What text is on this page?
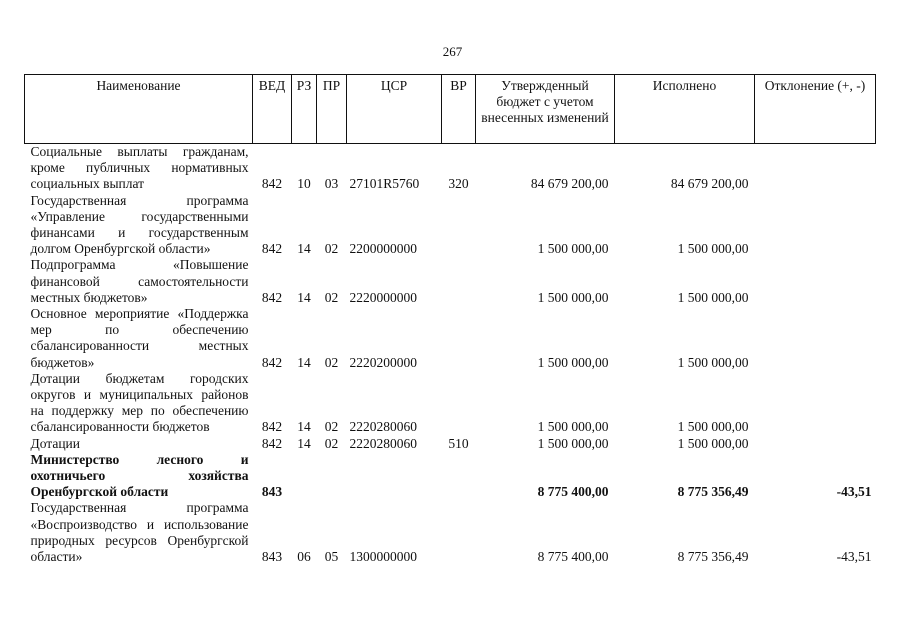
267
Наименование	ВЕД	РЗ	ПР	ЦСР	ВР	Утвержденный бюджет с учетом внесенных изменений	Исполнено	Отклонение (+, -)
Социальные выплаты гражданам, кроме публичных нормативных социальных выплат	842	10	03	27101R5760	320	84 679 200,00	84 679 200,00	
Государственная программа «Управление государственными финансами и государственным долгом Оренбургской области»	842	14	02	2200000000		1 500 000,00	1 500 000,00	
Подпрограмма «Повышение финансовой самостоятельности местных бюджетов»	842	14	02	2220000000		1 500 000,00	1 500 000,00	
Основное мероприятие «Поддержка мер по обеспечению сбалансированности местных бюджетов»	842	14	02	2220200000		1 500 000,00	1 500 000,00	
Дотации бюджетам городских округов и муниципальных районов на поддержку мер по обеспечению сбалансированности бюджетов	842	14	02	2220280060		1 500 000,00	1 500 000,00	
Дотации	842	14	02	2220280060	510	1 500 000,00	1 500 000,00	
Министерство лесного и охотничьего хозяйства Оренбургской области	843					8 775 400,00	8 775 356,49	-43,51
Государственная программа «Воспроизводство и использование природных ресурсов Оренбургской области»	843	06	05	1300000000		8 775 400,00	8 775 356,49	-43,51
